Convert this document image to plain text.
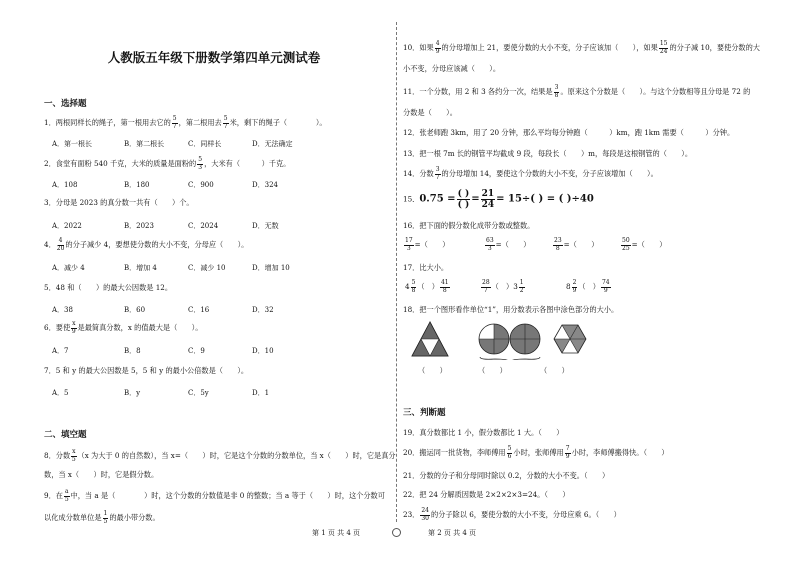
人教版五年级下册数学第四单元测试卷
一、选择题
1．两根同样长的绳子，第一根用去它的 $\frac{5}{7}$ ，第二根用去 $\frac{5}{7}$ 米，剩下的绳子（　　　　）。
A．第一根长	B．第二根长	C．同样长	D．无法确定
2．食堂有面粉 540 千克，大米的质量是面粉的 $\frac{5}{3}$ ，大米有（　　　）千克。
A．108	B．180	C．900	D．324
3．分母是 2023 的真分数一共有（　　）个。
A．2022	B．2023	C．2024	D．无数
4． $\frac{4}{20}$ 的分子减少 4，要想使分数的大小不变，分母应（　　）。
A．减少 4	B．增加 4	C．减少 10	D．增加 10
5．48 和（　　）的最大公因数是 12。
A．38	B．60	C．16	D．32
6．要使 $\frac{x}{9}$ 是最简真分数，x 的值最大是（　　）。
A．7	B．8	C．9	D．10
7．5 和 y 的最大公因数是 5，5 和 y 的最小公倍数是（　　）。
A．5	B．y	C．5y	D．1
二、填空题
8．分数 $\frac{x}{5} (x$ 为大于 0 的自然数），当 x=（　　）时，它是这个分数的分数单位，当 x（　　）时，它是真分
数，当 x（　　）时，它是假分数。
9．在 $\frac{a}{5}$ 中，当 a 是（　　　　）时，这个分数的分数值是非 0 的整数；当 a 等于（　　）时，这个分数可
以化成分数单位是 $\frac{1}{5}$ 的最小带分数。
第 1 页 共 4 页
10．如果 $\frac{4}{9}$ 的分母增加上 21，要使分数的大小不变，分子应该加（　　），如果 $\frac{15}{24}$ 的分子减 10，要使分数的大
小不变，分母应该减（　　）。
11．一个分数，用 2 和 3 各约分一次，结果是 $\frac{3}{8}$ 。原来这个分数是（　　）。与这个分数相等且分母是 72 的
分数是（　　）。
12．张老师跑 3km，用了 20 分钟，那么平均每分钟跑（　　　）km，跑 1km 需要（　　　）分钟。
13．把一根 7m 长的钢管平均截成 9 段，每段长（　　）m，每段是这根钢管的（　　）。
14．分数 $\frac{3}{7}$ 的分母增加 14，要使这个分数的大小不变，分子应该增加（　　）。
15．0.75 = ( )
( )
= $\frac{21}{24} = 15\div$( ) = ( )÷40
16．把下面的假分数化成带分数或整数。
$\frac{17}{3}$ =（　　）	$\frac{63}{3}$ =（　　）	$\frac{23}{8}$ =（　　）	$\frac{50}{25}$ =（　　）
17．比大小。
$4 \frac{5}{8}$ （　） $\frac{41}{8}$	$\frac{28}{7}$ （　）$3 \frac{1}{2}$	$8 \frac{2}{9}$ （　） $\frac{74}{9}$
18．把一个图形看作单位“1”，用分数表示各图中涂色部分的大小。
（　　）	（　　）	（　　）
三、判断题
19．真分数都比 1 小，假分数都比 1 大。（　　）
20．搬运同一批货物，李师傅用 $\frac{5}{6}$ 小时，张师傅用 $\frac{7}{9}$ 小时，李师傅搬得快。（　　）
21．分数的分子和分母同时除以 0.2，分数的大小不变。（　　）
22．把 24 分解质因数是 2×2×2×3=24。（　　）
23． $\frac{24}{30}$ 的分子除以 6，要使分数的大小不变，分母应乘 6。（　　）
第 2 页 共 4 页
